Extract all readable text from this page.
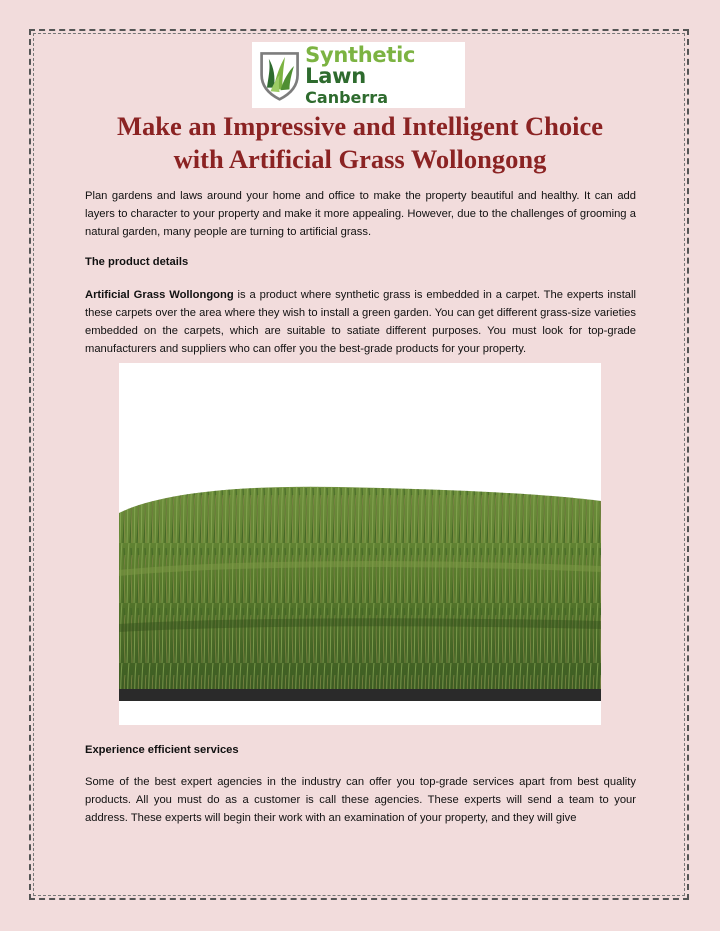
Synthetic Lawn
Canberra
Make an Impressive and Intelligent Choice
with Artificial Grass Wollongong

Plan gardens and laws around your home and office to make the property beautiful and healthy. It can add layers to character to your property and make it more appealing. However, due to the challenges of grooming a natural garden, many people are turning to artificial grass.

The product details

Artificial Grass Wollongong is a product where synthetic grass is embedded in a carpet. The experts install these carpets over the area where they wish to install a green garden. You can get different grass-size varieties embedded on the carpets, which are suitable to satiate different purposes. You must look for top-grade manufacturers and suppliers who can offer you the best-grade products for your property.

Experience efficient services

Some of the best expert agencies in the industry can offer you top-grade services apart from best quality products. All you must do as a customer is call these agencies. These experts will send a team to your address. These experts will begin their work with an examination of your property, and they will give
